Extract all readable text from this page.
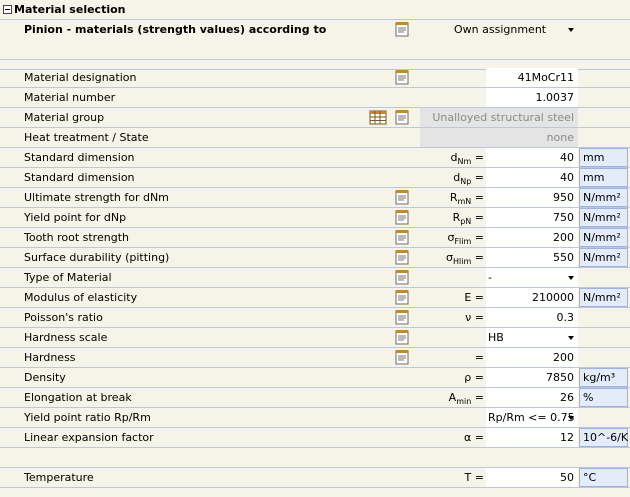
Material selection
Pinion - materials (strength values) according to	Own assignment
Material designation	41MoCr11
Material number	1.0037
Material group	Unalloyed structural steel
Heat treatment / State	none
Standard dimension	$d_{Nm}$ =	40 mm
Standard dimension	$d_{Np}$ =	40 mm
Ultimate strength for dNm	$R_{mN}$ =	950 N/mm²
Yield point for dNp	$R_{pN}$ =	750 N/mm²
Tooth root strength	$\sigma_{Flim}$ =	200 N/mm²
Surface durability (pitting)	$\sigma_{Hlim}$ =	550 N/mm²
Type of Material	-
Modulus of elasticity	E =	210000 N/mm²
Poisson's ratio	ν =	0.3
Hardness scale	HB
Hardness	=	200
Density	ρ =	7850 kg/m³
Elongation at break	$A_{min}$ =	26 %
Yield point ratio Rp/Rm	Rp/Rm <= 0.75
Linear expansion factor	α =	12 10^-6/K
Temperature	T =	50 °C
